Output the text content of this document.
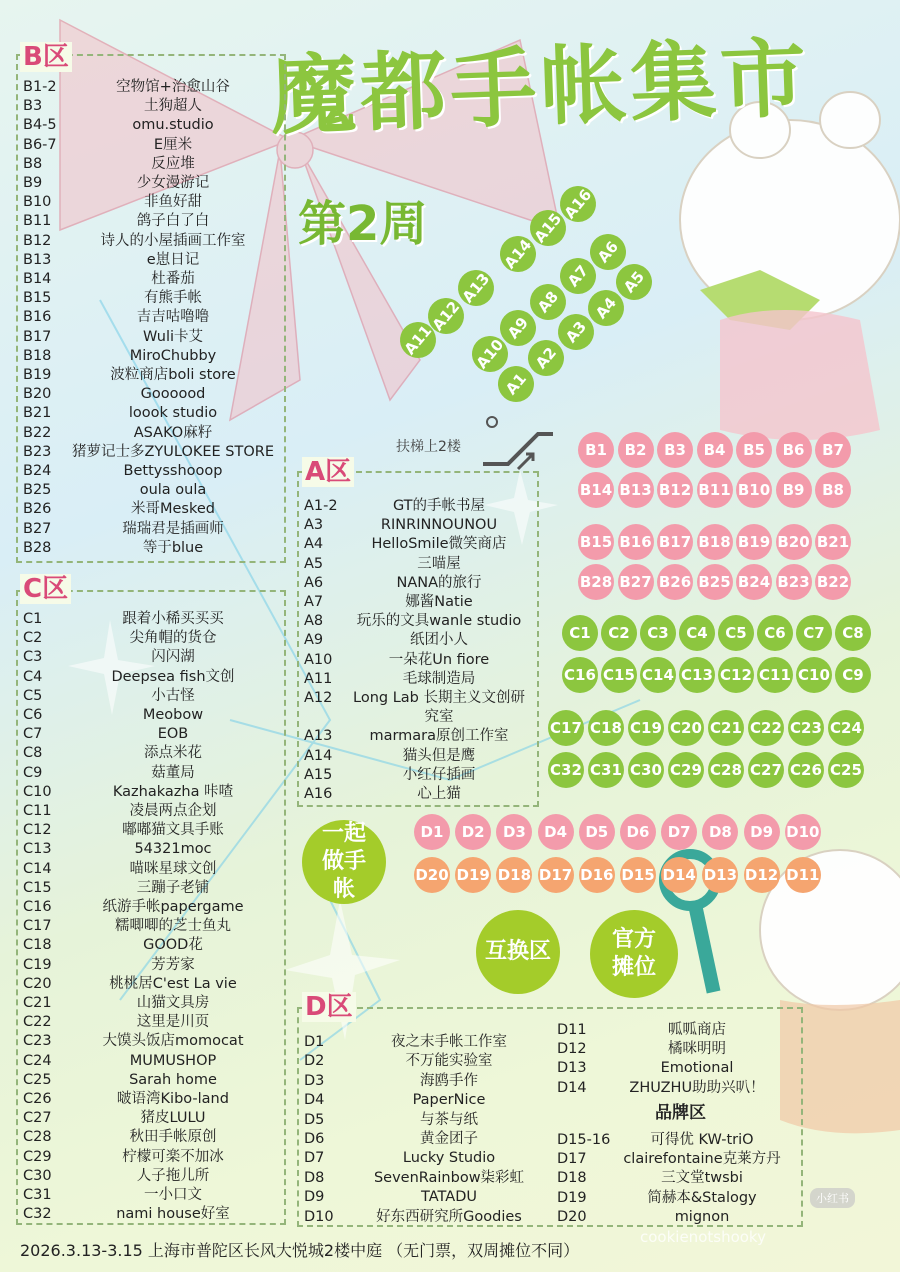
魔都手帐集市
第2周
B1-2	空物馆+治愈山谷
B3	土狗超人
B4-5	omu.studio
B6-7	E厘米
B8	反应堆
B9	少女漫游记
B10	非鱼好甜
B11	鸽子白了白
B12	诗人的小屋插画工作室
B13	e崽日记
B14	杜番茄
B15	有熊手帐
B16	吉吉咕噜噜
B17	Wuli卡艾
B18	MiroChubby
B19	波粒商店boli store
B20	Goooood
B21	loook studio
B22	ASAKO麻籽
B23	猪萝记士多ZYULOKEE STORE
B24	Bettysshooop
B25	oula oula
B26	米哥Mesked
B27	瑞瑞君是插画师
B28	等于blue
B区
C1	跟着小稀买买买
C2	尖角帽的货仓
C3	闪闪湖
C4	Deepsea fish文创
C5	小古怪
C6	Meobow
C7	EOB
C8	添点米花
C9	菇董局
C10	Kazhakazha 咔喳
C11	凌晨两点企划
C12	嘟嘟猫文具手账
C13	54321moc
C14	喵咪星球文创
C15	三蹦子老铺
C16	纸游手帐papergame
C17	糯唧唧的芝士鱼丸
C18	GOOD花
C19	芳芳家
C20	桃桃居C'est La vie
C21	山猫文具房
C22	这里是川页
C23	大馍头饭店momocat
C24	MUMUSHOP
C25	Sarah home
C26	啵语湾Kibo-land
C27	猪皮LULU
C28	秋田手帐原创
C29	柠檬可楽不加冰
C30	人子拖儿所
C31	一小口文
C32	nami house好室
C区
A1-2	GT的手帐书屋
A3	RINRINNOUNOU
A4	HelloSmile微笑商店
A5	三喵屋
A6	NANA的旅行
A7	娜酱Natie
A8	玩乐的文具wanle studio
A9	纸团小人
A10	一朵花Un fiore
A11	毛球制造局
A12	Long Lab 长期主义文创研
究室
A13	marmara原创工作室
A14	猫头但是鹰
A15	小红仔插画
A16	心上猫
A区
D1	夜之末手帐工作室
D2	不万能实验室
D3	海鸥手作
D4	PaperNice
D5	与茶与纸
D6	黄金团子
D7	Lucky Studio
D8	SevenRainbow柒彩虹
D9	TATADU
D10	好东西研究所Goodies
D11	呱呱商店
D12	橘咪明明
D13	Emotional
D14	ZHUZHU助助兴叭！
D15-16	可得优 KW-triO
D17	clairefontaine克莱方丹
D18	三文堂twsbi
D19	简赫本&Stalogy
D20	mignon
D区
品牌区
扶梯上2楼
A1
A2
A3
A4
A5
A6
A7
A8
A9
A10
A11
A12
A13
A14
A15
A16
B1	B2	B3	B4	B5	B6	B7
B14 B13 B12 B11 B10 B9	B8
B15 B16 B17 B18 B19 B20 B21
B28 B27 B26 B25 B24 B23 B22
C1	C2	C3	C4	C5	C6	C7	C8
C16 C15 C14 C13 C12 C11 C10 C9
C17 C18 C19 C20 C21 C22 C23 C24
C32 C31 C30 C29 C28 C27 C26 C25
D1	D2	D3	D4	D5	D6	D7	D8	D9 D10
D20 D19 D18 D17 D16 D15 D14 D13 D12 D11
一起做手帐
互换区	官方摊位
2026.3.13-3.15 上海市普陀区长风大悦城2楼中庭 （无门票，双周摊位不同）
cookienotshooky
小红书
